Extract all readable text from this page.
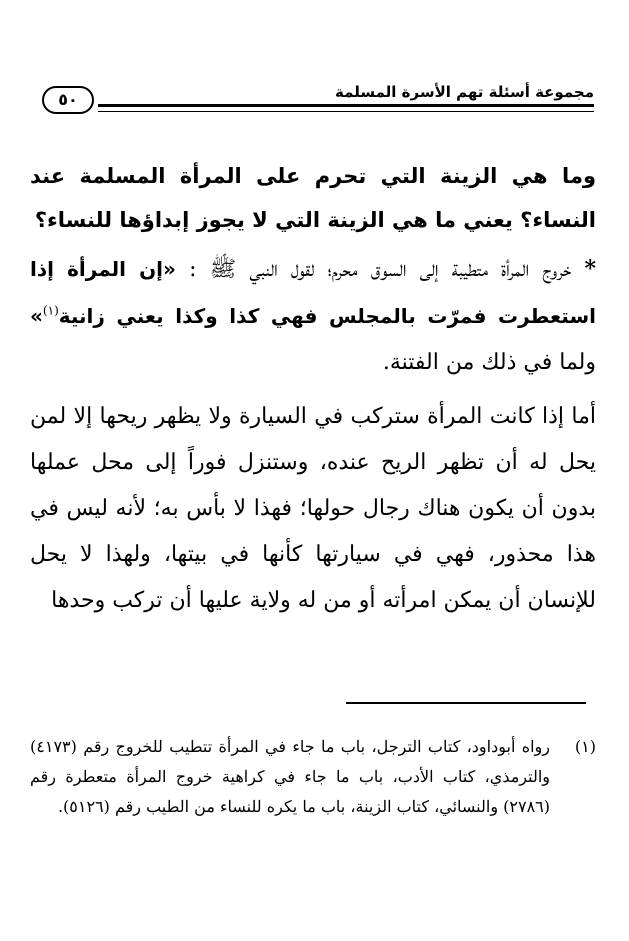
مجموعة أسئلة تهم الأسرة المسلمة
٥٠

وما هي الزينة التي تحرم على المرأة المسلمة عند النساء؟ يعني ما هي الزينة التي لا يجوز إبداؤها للنساء؟

* خروج المرأة متطيبة إلى السوق محرم؛ لقول النبي ﷺ : «إن المرأة إذا استعطرت فمرّت بالمجلس فهي كذا وكذا يعني زانية$^{(١)}$» ولما في ذلك من الفتنة.

أما إذا كانت المرأة ستركب في السيارة ولا يظهر ريحها إلا لمن يحل له أن تظهر الريح عنده، وستنزل فوراً إلى محل عملها بدون أن يكون هناك رجال حولها؛ فهذا لا بأس به؛ لأنه ليس في هذا محذور، فهي في سيارتها كأنها في بيتها، ولهذا لا يحل للإنسان أن يمكن امرأته أو من له ولاية عليها أن تركب وحدها

(١)

رواه أبوداود، كتاب الترجل، باب ما جاء في المرأة تتطيب للخروج رقم (٤١٧٣) والترمذي، كتاب الأدب، باب ما جاء في كراهية خروج المرأة متعطرة رقم (٢٧٨٦) والنسائي، كتاب الزينة، باب ما يكره للنساء من الطيب رقم (٥١٢٦).
